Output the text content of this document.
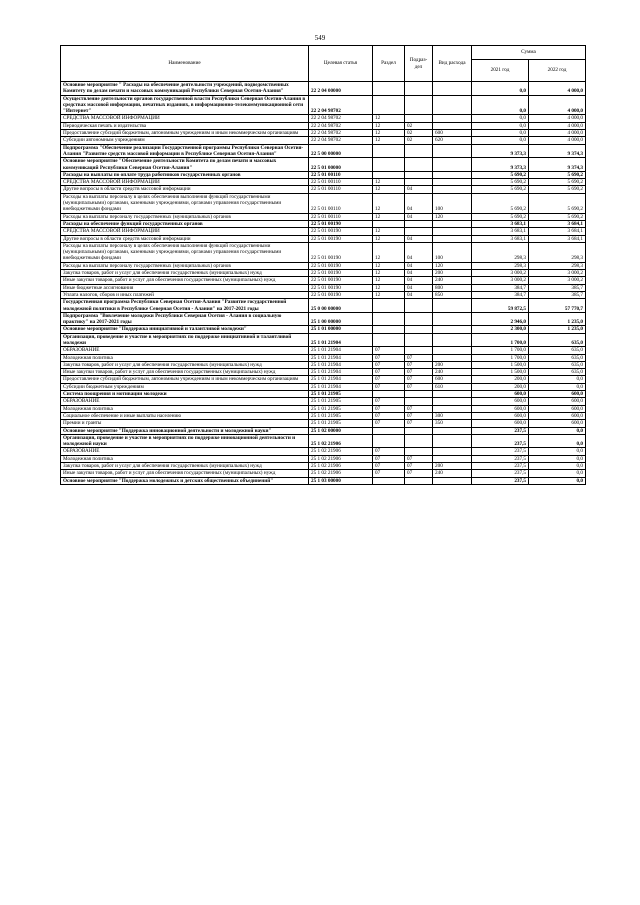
549
Наименование	Целевая статья	Раздел	Подраз-дел	Вид расхода	Сумма	
					2021 год	2022 год
Основное мероприятие " Расходы на обеспечение деятельности учреждений, подведомственных Комитету по делам печати и массовых коммуникаций Республики Северная Осетия-Алания"	22 2 04 00000				0,0	4 000,0
Осуществление деятельности органов государственной власти Республики Северная Осетия-Алания в средствах массовой информации, печатных изданиях, в информационно-телекоммуникационной сети "Интернет"	22 2 04 98702				0,0	4 000,0
СРЕДСТВА МАССОВОЙ ИНФОРМАЦИИ	22 2 04 98702	12			0,0	4 000,0
Периодическая печать и издательства	22 2 04 98702	12	02		0,0	4 000,0
Предоставление субсидий бюджетным, автономным учреждениям и иным некоммерческим организациям	22 2 04 98702	12	02	600	0,0	4 000,0
Субсидии автономным учреждениям	22 2 04 98702	12	02	620	0,0	4 000,0
Подпрограмма "Обеспечение реализации Государственной программы Республики Северная Осетия-Алания "Развитие средств массовой информации в Республике Северная Осетия-Алания"	22 5 00 00000				9 373,3	9 374,3
Основное мероприятие "Обеспечение деятельности Комитета по делам печати и массовых коммуникаций Республики Северная Осетия-Алания"	22 5 01 00000				9 373,3	9 374,3
Расходы на выплаты по оплате труда работников государственных органов	22 5 01 00110				5 690,2	5 690,2
СРЕДСТВА МАССОВОЙ ИНФОРМАЦИИ	22 5 01 00110	12			5 690,2	5 690,2
Другие вопросы в области средств массовой информации	22 5 01 00110	12	04		5 690,2	5 690,2
Расходы на выплаты персоналу в целях обеспечения выполнения функций государственными (муниципальными) органами, казенными учреждениями, органами управления государственными внебюджетными фондами	22 5 01 00110	12	04	100	5 690,2	5 690,2
Расходы на выплаты персоналу государственных (муниципальных) органов	22 5 01 00110	12	04	120	5 690,2	5 690,2
Расходы на обеспечение функций государственных органов	22 5 01 00190				3 683,1	3 684,1
СРЕДСТВА МАССОВОЙ ИНФОРМАЦИИ	22 5 01 00190	12			3 683,1	3 684,1
Другие вопросы в области средств массовой информации	22 5 01 00190	12	04		3 683,1	3 684,1
Расходы на выплаты персоналу в целях обеспечения выполнения функций государственными (муниципальными) органами, казенными учреждениями, органами управления государственными внебюджетными фондами	22 5 01 00190	12	04	100	298,3	298,3
Расходы на выплаты персоналу государственных (муниципальных) органов	22 5 01 00190	12	04	120	298,3	298,3
Закупка товаров, работ и услуг для обеспечения государственных (муниципальных) нужд	22 5 01 00190	12	04	200	3 000,2	3 000,2
Иные закупки товаров, работ и услуг для обеспечения государственных (муниципальных) нужд	22 5 01 00190	12	04	240	3 000,2	3 000,2
Иные бюджетные ассигнования	22 5 01 00190	12	04	800	384,7	385,7
Уплата налогов, сборов и иных платежей	22 5 01 00190	12	04	850	384,7	385,7
Государственная программа Республики Северная Осетия-Алания "Развитие государственной молодежной политики в Республике Северная Осетия - Алания" на 2017-2021 годы	25 0 00 00000				59 872,5	57 770,7
Подпрограмма "Вовлечение молодежи Республики Северная Осетия - Алания в социальную практику" на 2017-2021 годы	25 1 00 00000				2 946,0	1 235,0
Основное мероприятие "Поддержка инициативной и талантливой молодежи"	25 1 01 00000				2 300,0	1 235,0
Организация, проведение и участие в мероприятиях по поддержке инициативной и талантливой молодежи	25 1 01 21904				1 700,0	635,0
ОБРАЗОВАНИЕ	25 1 01 21904	07			1 700,0	635,0
Молодежная политика	25 1 01 21904	07	07		1 700,0	635,0
Закупка товаров, работ и услуг для обеспечения государственных (муниципальных) нужд	25 1 01 21904	07	07	200	1 500,0	635,0
Иные закупки товаров, работ и услуг для обеспечения государственных (муниципальных) нужд	25 1 01 21904	07	07	240	1 500,0	635,0
Предоставление субсидий бюджетным, автономным учреждениям и иным некоммерческим организациям	25 1 01 21904	07	07	600	200,0	0,0
Субсидии бюджетным учреждениям	25 1 01 21904	07	07	610	200,0	0,0
Система поощрения и мотивации молодежи	25 1 01 21905				600,0	600,0
ОБРАЗОВАНИЕ	25 1 01 21905	07			600,0	600,0
Молодежная политика	25 1 01 21905	07	07		600,0	600,0
Социальное обеспечение и иные выплаты населению	25 1 01 21905	07	07	300	600,0	600,0
Премии и гранты	25 1 01 21905	07	07	350	600,0	600,0
Основное мероприятие "Поддержка инновационной деятельности и молодежной науки"	25 1 02 00000				237,5	0,0
Организация, проведение и участие в мероприятиях по поддержке инновационной деятельности и молодежной науки	25 1 02 21906				237,5	0,0
ОБРАЗОВАНИЕ	25 1 02 21906	07			237,5	0,0
Молодежная политика	25 1 02 21906	07	07		237,5	0,0
Закупка товаров, работ и услуг для обеспечения государственных (муниципальных) нужд	25 1 02 21906	07	07	200	237,5	0,0
Иные закупки товаров, работ и услуг для обеспечения государственных (муниципальных) нужд	25 1 02 21906	07	07	240	237,5	0,0
Основное мероприятие "Поддержка молодежных и детских общественных объединений"	25 1 03 00000				237,5	0,0
